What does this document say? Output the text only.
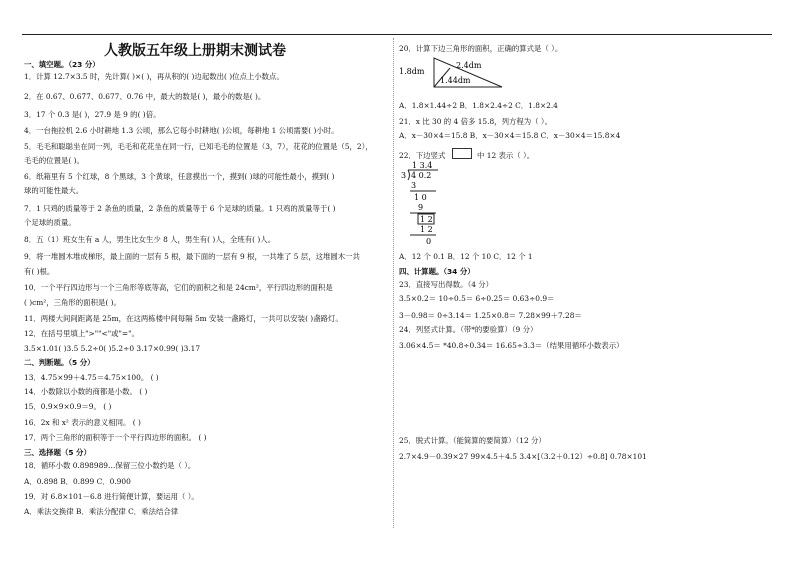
人教版五年级上册期末测试卷
一、填空题。（23 分）
1．计算 12.7×3.5 时，先计算( )×( )，再从积的( )边起数出( )位点上小数点。
2．在 0.67、0.67̇7̇、0.677、0.76 中，最大的数是( )，最小的数是( )。
3．17 个 0.3 是( )，27.9 是 9 的( )倍。
4．一台拖拉机 2.6 小时耕地 1.3 公顷，那么它每小时耕地( )公顷，每耕地 1 公顷需要( )小时。
5．毛毛和聪聪坐在同一列，毛毛和花花坐在同一行，已知毛毛的位置是（3，7），花花的位置是（5，2），
毛毛的位置是( )。
6．纸箱里有 5 个红球，8 个黑球，3 个黄球，任意摸出一个，摸到( )球的可能性最小，摸到( )
球的可能性最大。
7．1 只鸡的质量等于 2 条鱼的质量，2 条鱼的质量等于 6 个足球的质量。1 只鸡的质量等于( )
个足球的质量。
8．五（1）班女生有 a 人，男生比女生少 8 人，男生有( )人，全班有( )人。
9．将一堆圆木堆成梯形，最上面的一层有 5 根，最下面的一层有 9 根，一共堆了 5 层，这堆圆木一共
有( )根。
10．一个平行四边形与一个三角形等底等高，它们的面积之和是 24cm²，平行四边形的面积是
( )cm²，三角形的面积是( )。
11．两楼大间间距离是 25m，在这两栋楼中间每隔 5m 安装一盏路灯，一共可以安装( )盏路灯。
12．在括号里填上">""<"或"="。
3.5×1.01( )3.5 5.2÷0( )5.2÷0 3.17×0.99( )3.17
二、判断题。（5 分）
13．4.75×99＋4.75＝4.75×100。 ( )
14．小数除以小数的商都是小数。 ( )
15．0.9×9×0.9＝9。 ( )
16．2x 和 x² 表示的意义相同。 ( )
17．两个三角形的面积等于一个平行四边形的面积。 ( )
三、选择题（5 分）
18．循环小数 0.898989…保留三位小数约是（ ）。
A．0.898 B．0.899 C．0.900
19．对 6.8×101－6.8 进行简便计算，要运用（ ）。
A．乘法交换律 B．乘法分配律 C．乘法结合律
20．计算下边三角形的面积，正确的算式是（ ）。
A．1.8×1.44÷2 B．1.8×2.4÷2 C．1.8×2.4
21．x 比 30 的 4 倍多 15.8，列方程为（ ）。
A．x－30×4＝15.8 B．x－30×4＝15.8 C．x－30×4＝15.8×4
22．下边竖式	中 12 表示（ ）。
A．12 个 0.1 B．12 个 10 C．12 个 1
四、计算题。（34 分）
23．直接写出得数。（4 分）
3.5×0.2＝ 10÷0.5＝ 6÷0.25＝ 0.63÷0.9＝
3－0.98＝ 0÷3.14＝ 1.25×0.8＝ 7.28×99＋7.28＝
24．列竖式计算。（带*的要验算）（9 分）
3.06×4.5＝ *40.8÷0.34＝ 16.65÷3.3＝（结果用循环小数表示）
25．脱式计算。（能简算的要简算）（12 分）
2.7×4.9－0.39×27 99×4.5＋4.5 3.4×[（3.2＋0.12）÷0.8] 0.78×101
1.8dm
2.4dm
1.44dm
1 3.4
3 4 0.2
3
1 0
9
1 2
1 2
0
